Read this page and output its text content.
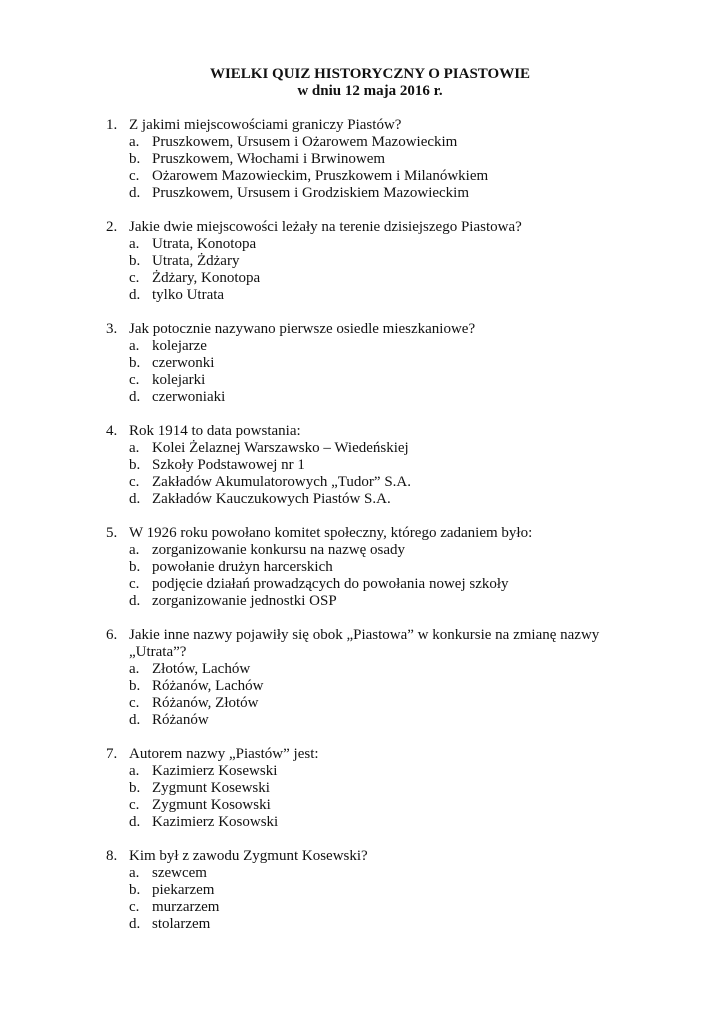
WIELKI QUIZ HISTORYCZNY O PIASTOWIE
w dniu 12 maja 2016 r.
1. Z jakimi miejscowościami graniczy Piastów?
a. Pruszkowem, Ursusem i Ożarowem Mazowieckim
b. Pruszkowem, Włochami i Brwinowem
c. Ożarowem Mazowieckim, Pruszkowem i Milanówkiem
d. Pruszkowem, Ursusem i Grodziskiem Mazowieckim
2. Jakie dwie miejscowości leżały na terenie dzisiejszego Piastowa?
a. Utrata, Konotopa
b. Utrata, Żdżary
c. Żdżary, Konotopa
d. tylko Utrata
3. Jak potocznie nazywano pierwsze osiedle mieszkaniowe?
a. kolejarze
b. czerwonki
c. kolejarki
d. czerwoniaki
4. Rok 1914 to data powstania:
a. Kolei Żelaznej Warszawsko – Wiedeńskiej
b. Szkoły Podstawowej nr 1
c. Zakładów Akumulatorowych „Tudor” S.A.
d. Zakładów Kauczukowych Piastów S.A.
5. W 1926 roku powołano komitet społeczny, którego zadaniem było:
a. zorganizowanie konkursu na nazwę osady
b. powołanie drużyn harcerskich
c. podjęcie działań prowadzących do powołania nowej szkoły
d. zorganizowanie jednostki OSP
6. Jakie inne nazwy pojawiły się obok „Piastowa” w konkursie na zmianę nazwy „Utrata”?
a. Złotów, Lachów
b. Różanów, Lachów
c. Różanów, Złotów
d. Różanów
7. Autorem nazwy „Piastów” jest:
a. Kazimierz Kosewski
b. Zygmunt Kosewski
c. Zygmunt Kosowski
d. Kazimierz Kosowski
8. Kim był z zawodu Zygmunt Kosewski?
a. szewcem
b. piekarzem
c. murzarzem
d. stolarzem
